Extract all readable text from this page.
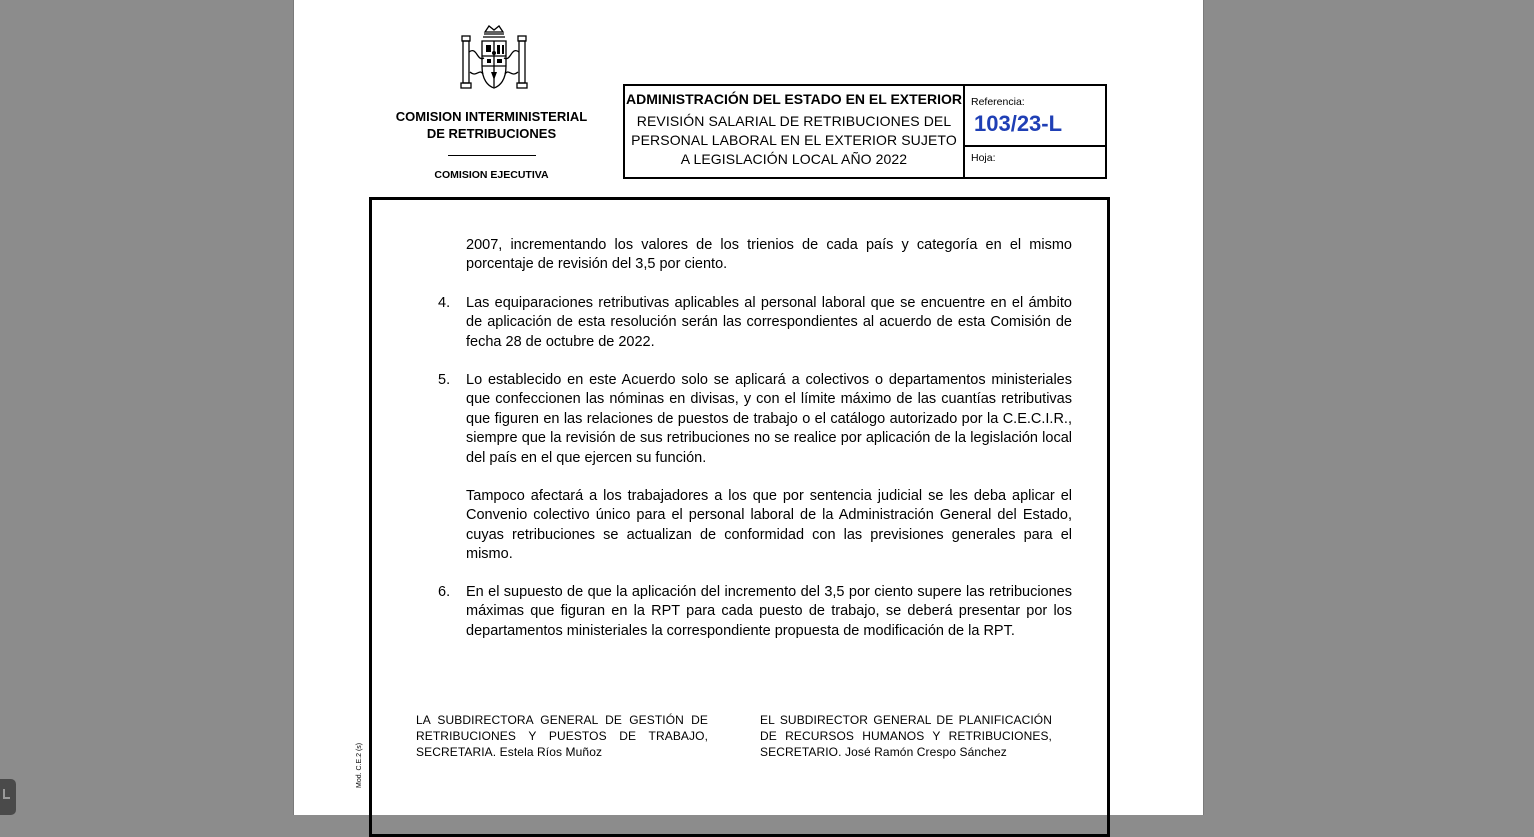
COMISION INTERMINISTERIAL
DE RETRIBUCIONES
COMISION EJECUTIVA
ADMINISTRACIÓN DEL ESTADO EN EL EXTERIOR
REVISIÓN SALARIAL DE RETRIBUCIONES DEL
PERSONAL LABORAL EN EL EXTERIOR SUJETO
A LEGISLACIÓN LOCAL AÑO 2022
Referencia:
103/23-L
Hoja:
2007, incrementando los valores de los trienios de cada país y categoría en el mismo porcentaje de revisión del 3,5 por ciento.
4.	Las equiparaciones retributivas aplicables al personal laboral que se encuentre en el ámbito de aplicación de esta resolución serán las correspondientes al acuerdo de esta Comisión de fecha 28 de octubre de 2022.
5.	Lo establecido en este Acuerdo solo se aplicará a colectivos o departamentos ministeriales que confeccionen las nóminas en divisas, y con el límite máximo de las cuantías retributivas que figuren en las relaciones de puestos de trabajo o el catálogo autorizado por la C.E.C.I.R., siempre que la revisión de sus retribuciones no se realice por aplicación de la legislación local del país en el que ejercen su función.
Tampoco afectará a los trabajadores a los que por sentencia judicial se les deba aplicar el Convenio colectivo único para el personal laboral de la Administración General del Estado, cuyas retribuciones se actualizan de conformidad con las previsiones generales para el mismo.
6.	En el supuesto de que la aplicación del incremento del 3,5 por ciento supere las retribuciones máximas que figuran en la RPT para cada puesto de trabajo, se deberá presentar por los departamentos ministeriales la correspondiente propuesta de modificación de la RPT.
LA SUBDIRECTORA GENERAL DE GESTIÓN DE RETRIBUCIONES Y PUESTOS DE TRABAJO, SECRETARIA. Estela Ríos Muñoz
EL SUBDIRECTOR GENERAL DE PLANIFICACIÓN DE RECURSOS HUMANOS Y RETRIBUCIONES, SECRETARIO. José Ramón Crespo Sánchez
Mod. C.E.2 (s)
